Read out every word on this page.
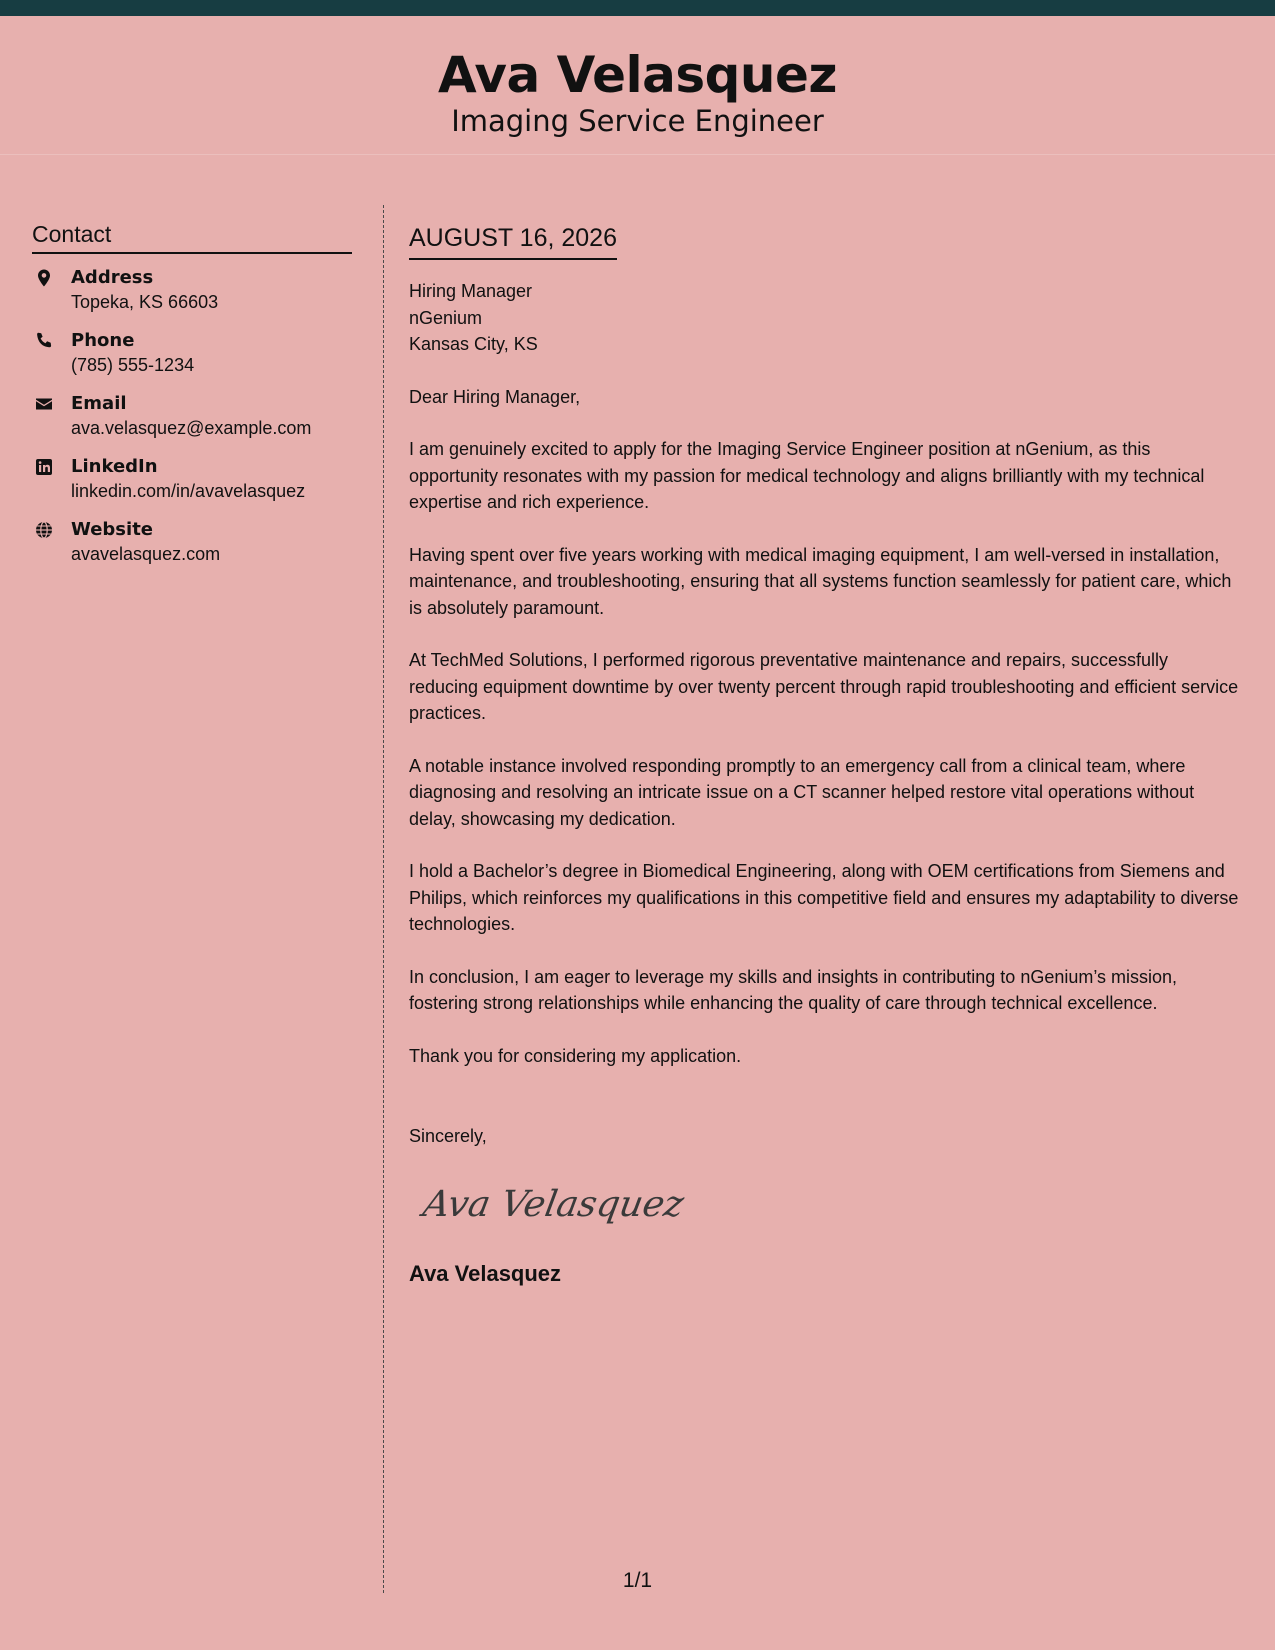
Ava Velasquez
Imaging Service Engineer
Contact
Address
Topeka, KS 66603
Phone
(785) 555-1234
Email
ava.velasquez@example.com
LinkedIn
linkedin.com/in/avavelasquez
Website
avavelasquez.com
AUGUST 16, 2026
Hiring Manager
nGenium
Kansas City, KS
Dear Hiring Manager,
I am genuinely excited to apply for the Imaging Service Engineer position at nGenium, as this opportunity resonates with my passion for medical technology and aligns brilliantly with my technical expertise and rich experience.
Having spent over five years working with medical imaging equipment, I am well-versed in installation, maintenance, and troubleshooting, ensuring that all systems function seamlessly for patient care, which is absolutely paramount.
At TechMed Solutions, I performed rigorous preventative maintenance and repairs, successfully reducing equipment downtime by over twenty percent through rapid troubleshooting and efficient service practices.
A notable instance involved responding promptly to an emergency call from a clinical team, where diagnosing and resolving an intricate issue on a CT scanner helped restore vital operations without delay, showcasing my dedication.
I hold a Bachelor’s degree in Biomedical Engineering, along with OEM certifications from Siemens and Philips, which reinforces my qualifications in this competitive field and ensures my adaptability to diverse technologies.
In conclusion, I am eager to leverage my skills and insights in contributing to nGenium’s mission, fostering strong relationships while enhancing the quality of care through technical excellence.
Thank you for considering my application.
Sincerely,
Ava Velasquez
Ava Velasquez
1/1
